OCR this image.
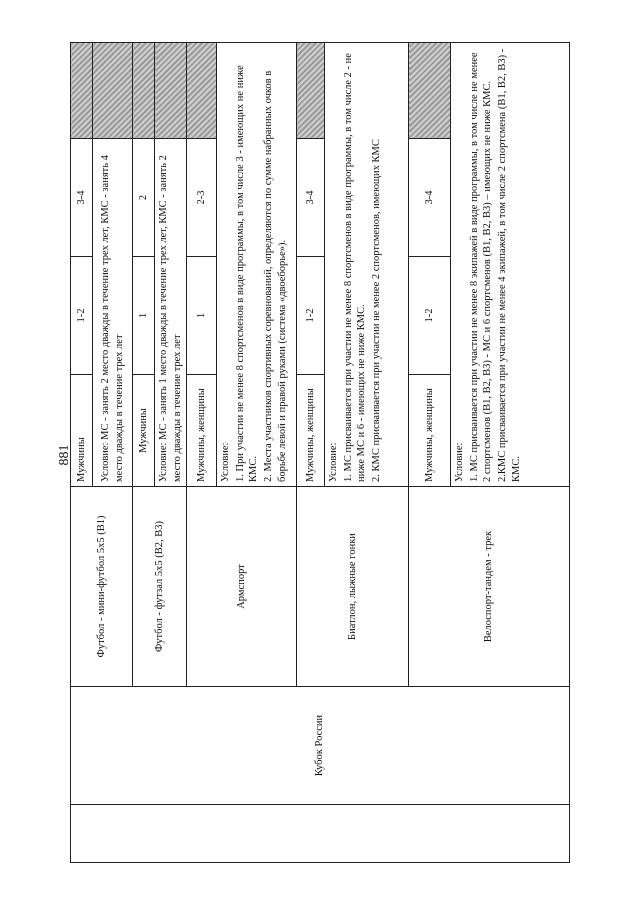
881
	Кубок России	Футбол - мини-футбол 5х5 (В1)	Мужчины	1-2	3-4	
			Условие: МС - занять 2 место дважды в течение трех лет, КМС - занять 4 место дважды в течение трех лет			
		Футбол - футзал 5х5 (В2, В3)	Мужчины	1	2	
			Условие: МС - занять 1 место дважды в течение трех лет, КМС - занять 2 место дважды в течение трех лет			
		Армспорт	Мужчины, женщины	1	2-3	

			Условие: 1. При участии не менее 8 спортсменов в виде программы, в том числе 3 - имеющих не ниже КМС. 2. Места участников спортивных соревнований, определяются по сумме набранных очков в борьбе левой и правой руками (система «двоеборье»).			

		Биатлон, лыжные гонки	Мужчины, женщины	1-2	3-4	

			Условие: 1. МС присваивается при участии не менее 8 спортсменов в виде программы, в том числе 2 - не ниже МС и 6 - имеющих не ниже КМС. 2. КМС присваивается при участии не менее 2 спортсменов, имеющих КМС			

		Велоспорт-тандем - трек	Мужчины, женщины	1-2	3-4	

			Условие: 1. МС присваивается при участии не менее 8 экипажей в виде программы, в том числе не менее 2 спортсменов (В1, В2, В3) - МС и 6 спортсменов (В1, В2, В3) – имеющих не ниже КМС. 2.КМС присваивается при участии не менее 4 экипажей, в том числе 2 спортсмена (В1, В2, В3) - КМС.			
